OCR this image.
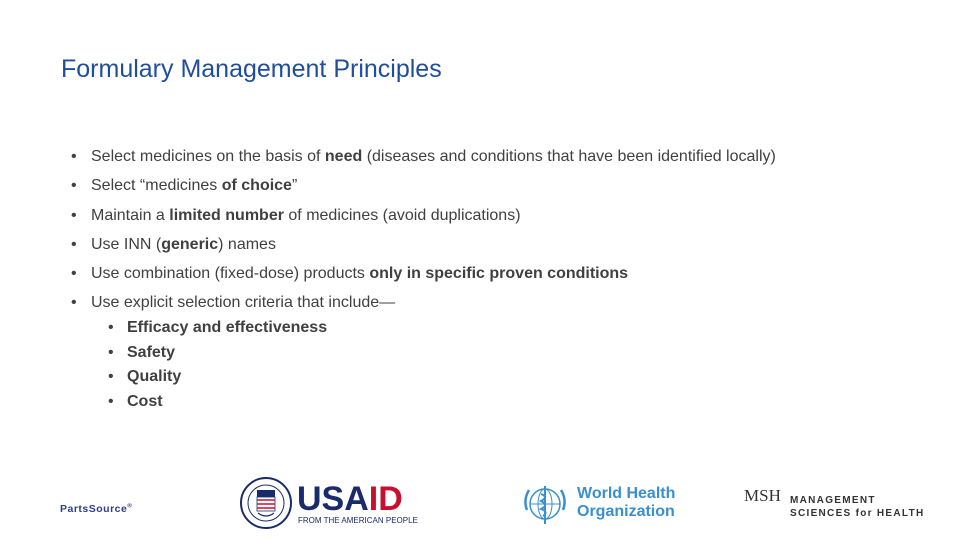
Formulary Management Principles
• Select medicines on the basis of need (diseases and conditions that have been identified locally)
• Select “medicines of choice”
• Maintain a limited number of medicines (avoid duplications)
• Use INN (generic) names
• Use combination (fixed-dose) products only in specific proven conditions
• Use explicit selection criteria that include—
• Efficacy and effectiveness
• Safety
• Quality
• Cost
PartsSource®	USAID
FROM THE AMERICAN PEOPLE
World Health
Organization
MSH MANAGEMENT
SCIENCES for HEALTH
